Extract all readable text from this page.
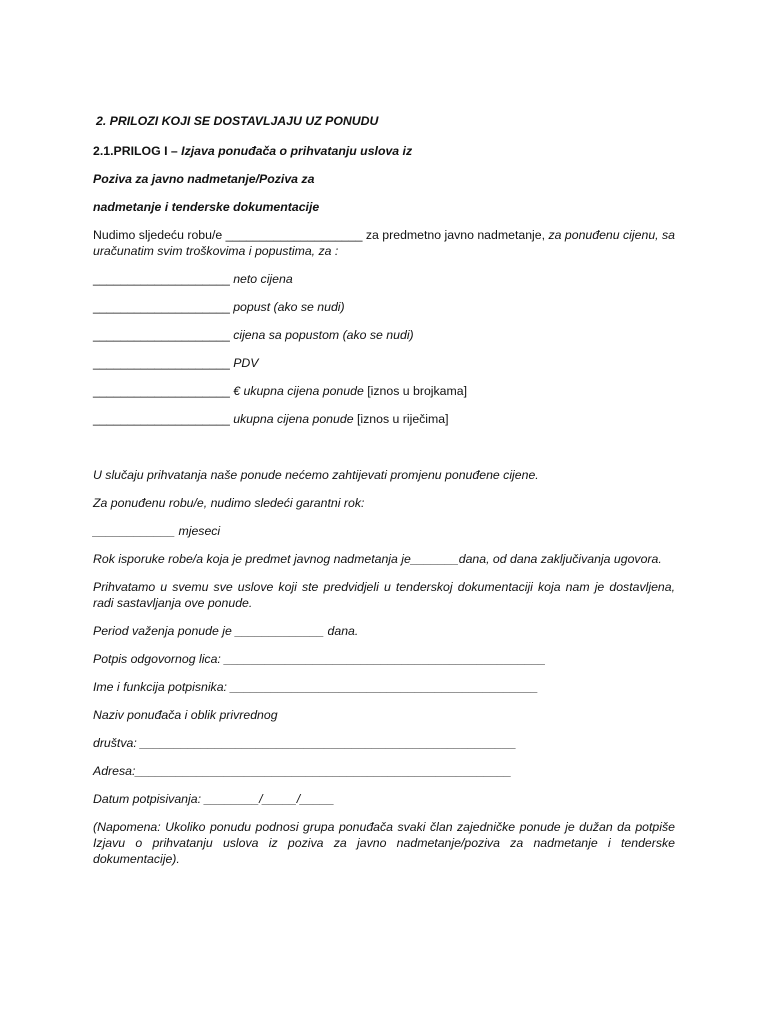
2. PRILOZI KOJI SE DOSTAVLJAJU UZ PONUDU

2.1.PRILOG I – Izjava ponuđača o prihvatanju uslova iz

Poziva za javno nadmetanje/Poziva za

nadmetanje i tenderske dokumentacije

Nudimo sljedeću robu/e ____________________ za predmetno javno nadmetanje, za ponuđenu cijenu, sa uračunatim svim troškovima i popustima, za :

____________________ neto cijena

____________________ popust (ako se nudi)

____________________ cijena sa popustom (ako se nudi)

____________________ PDV

____________________ € ukupna cijena ponude [iznos u brojkama]

____________________ ukupna cijena ponude [iznos u riječima]

U slučaju prihvatanja naše ponude nećemo zahtijevati promjenu ponuđene cijene.

Za ponuđenu robu/e, nudimo sledeći garantni rok:

____________ mjeseci

Rok isporuke robe/a koja je predmet javnog nadmetanja je_______dana, od dana zaključivanja ugovora.

Prihvatamo u svemu sve uslove koji ste predvidjeli u tenderskoj dokumentaciji koja nam je dostavljena, radi sastavljanja ove ponude.

Period važenja ponude je _____________ dana.

Potpis odgovornog lica: _______________________________________________

Ime i funkcija potpisnika: _____________________________________________

Naziv ponuđača i oblik privrednog

društva: _______________________________________________________

Adresa:_______________________________________________________

Datum potpisivanja: ________/_____/_____

(Napomena: Ukoliko ponudu podnosi grupa ponuđača svaki član zajedničke ponude je dužan da potpiše Izjavu o prihvatanju uslova iz poziva za javno nadmetanje/poziva za nadmetanje i tenderske dokumentacije).
